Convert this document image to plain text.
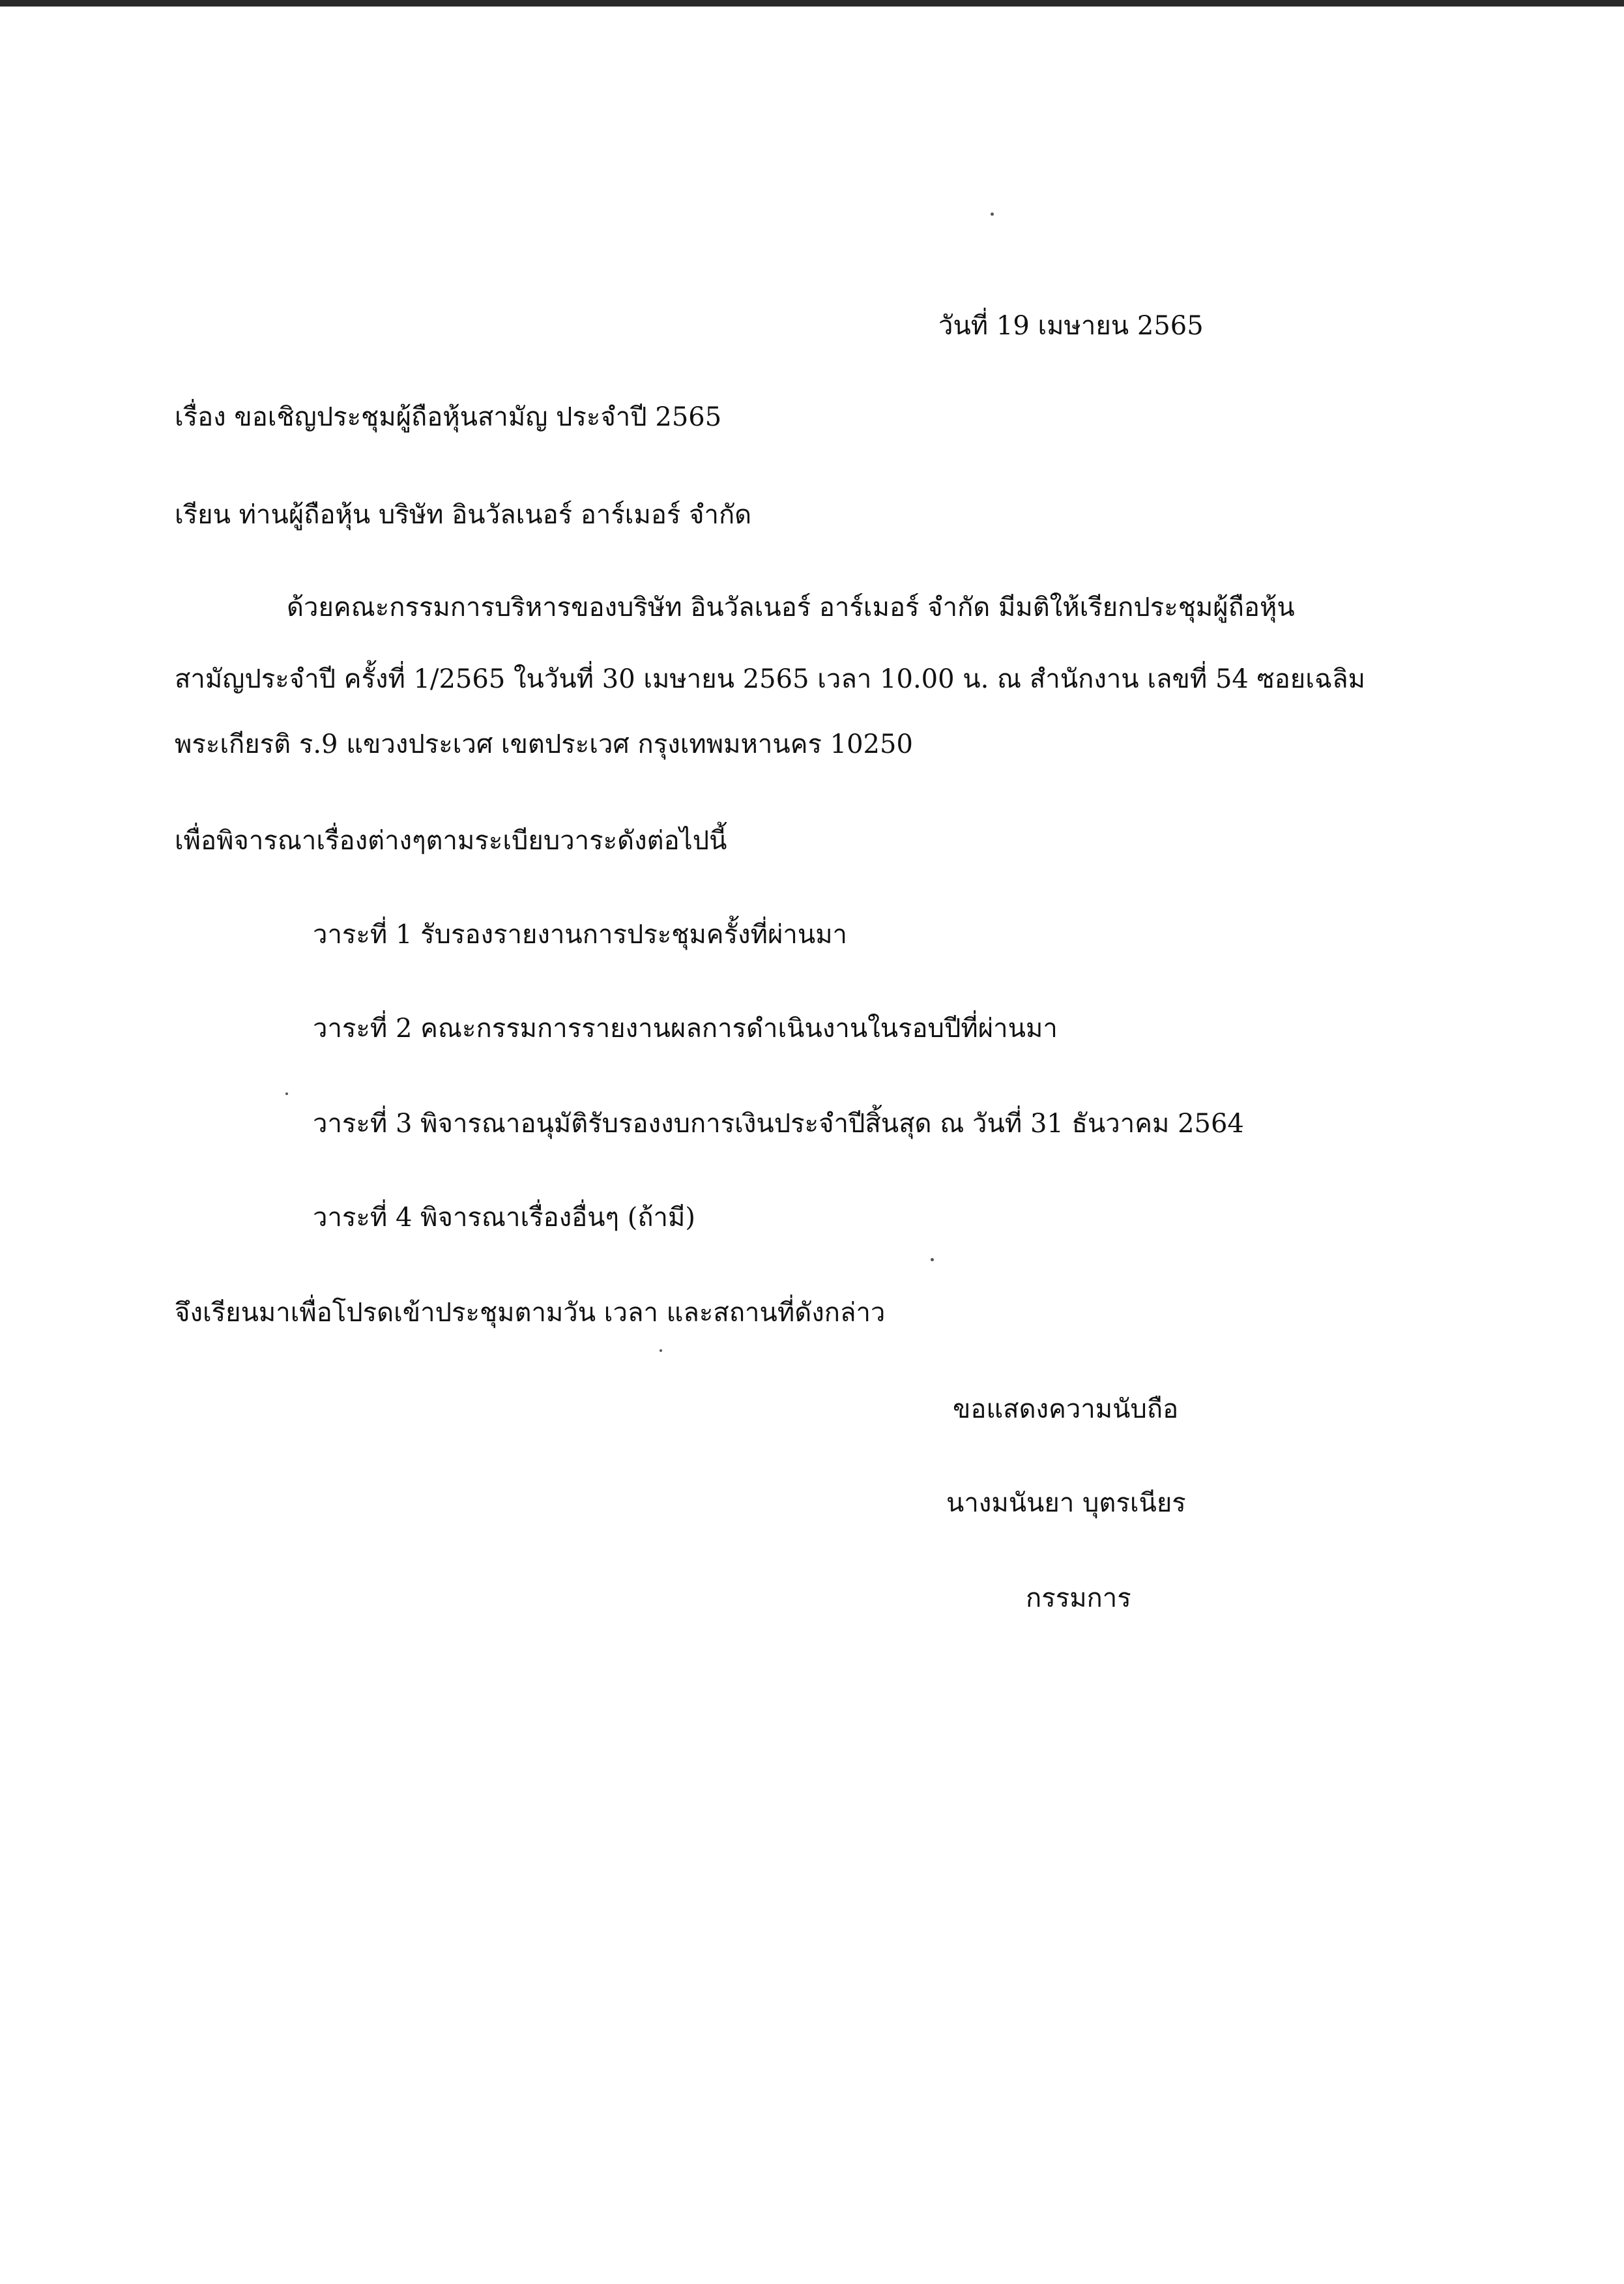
วันที่ 19 เมษายน 2565
เรื่อง ขอเชิญประชุมผู้ถือหุ้นสามัญ ประจำปี 2565
เรียน ท่านผู้ถือหุ้น บริษัท อินวัลเนอร์ อาร์เมอร์ จำกัด
ด้วยคณะกรรมการบริหารของบริษัท อินวัลเนอร์ อาร์เมอร์ จำกัด มีมติให้เรียกประชุมผู้ถือหุ้น
สามัญประจำปี ครั้งที่ 1/2565 ในวันที่ 30 เมษายน 2565 เวลา 10.00 น. ณ สำนักงาน เลขที่ 54 ซอยเฉลิม
พระเกียรติ ร.9 แขวงประเวศ เขตประเวศ กรุงเทพมหานคร 10250
เพื่อพิจารณาเรื่องต่างๆตามระเบียบวาระดังต่อไปนี้
วาระที่ 1 รับรองรายงานการประชุมครั้งที่ผ่านมา
วาระที่ 2 คณะกรรมการรายงานผลการดำเนินงานในรอบปีที่ผ่านมา
วาระที่ 3 พิจารณาอนุมัติรับรองงบการเงินประจำปีสิ้นสุด ณ วันที่ 31 ธันวาคม 2564
วาระที่ 4 พิจารณาเรื่องอื่นๆ (ถ้ามี)
จึงเรียนมาเพื่อโปรดเข้าประชุมตามวัน เวลา และสถานที่ดังกล่าว
ขอแสดงความนับถือ
นางมนันยา บุตรเนียร
กรรมการ
